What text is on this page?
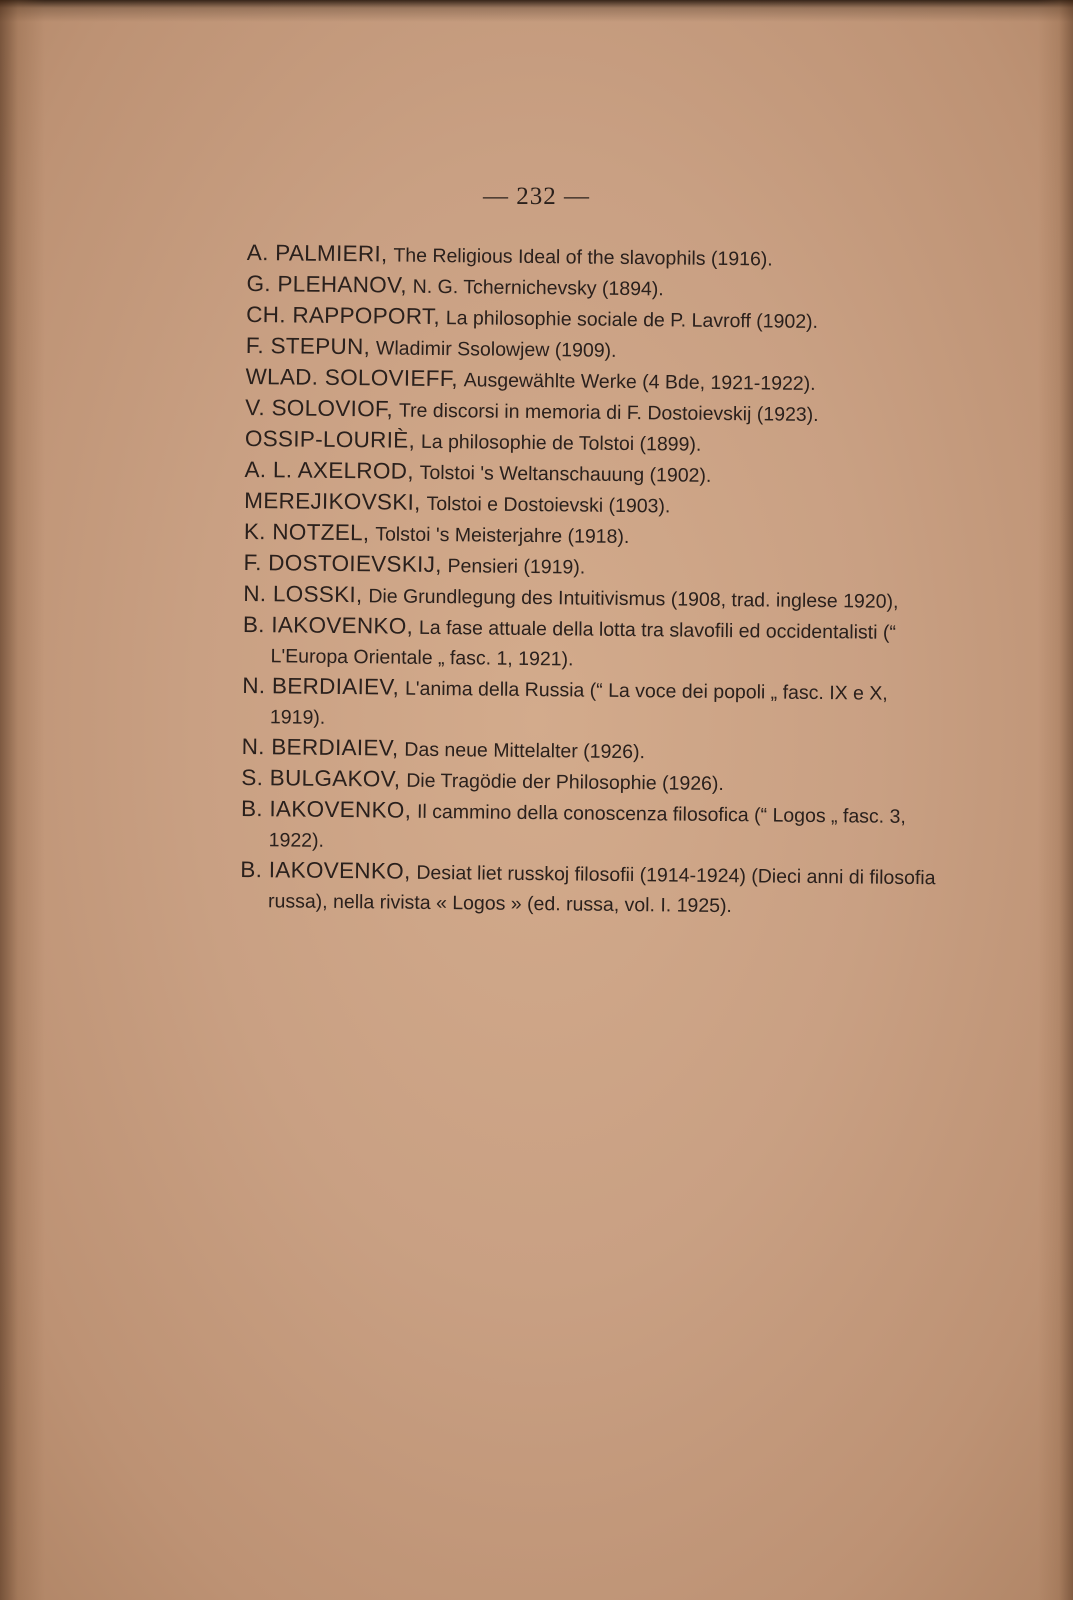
— 232 —
A. PALMIERI, The Religious Ideal of the slavophils (1916).
G. PLEHANOV, N. G. Tchernichevsky (1894).
CH. RAPPOPORT, La philosophie sociale de P. Lavroff (1902).
F. STEPUN, Wladimir Ssolowjew (1909).
WLAD. SOLOVIEFF, Ausgewählte Werke (4 Bde, 1921-1922).
V. SOLOVIOF, Tre discorsi in memoria di F. Dostoievskij (1923).
OSSIP-LOURIÈ, La philosophie de Tolstoi (1899).
A. L. AXELROD, Tolstoi 's Weltanschauung (1902).
MEREJIKOVSKI, Tolstoi e Dostoievski (1903).
K. NOTZEL, Tolstoi 's Meisterjahre (1918).
F. DOSTOIEVSKIJ, Pensieri (1919).
N. LOSSKI, Die Grundlegung des Intuitivismus (1908, trad. inglese 1920),
B. IAKOVENKO, La fase attuale della lotta tra slavofili ed occidentalisti (“ L'Europa Orientale „ fasc. 1, 1921).
N. BERDIAIEV, L'anima della Russia (“ La voce dei popoli „ fasc. IX e X, 1919).
N. BERDIAIEV, Das neue Mittelalter (1926).
S. BULGAKOV, Die Tragödie der Philosophie (1926).
B. IAKOVENKO, Il cammino della conoscenza filosofica (“ Logos „ fasc. 3, 1922).
B. IAKOVENKO, Desiat liet russkoj filosofii (1914-1924) (Dieci anni di filosofia russa), nella rivista « Logos » (ed. russa, vol. I. 1925).
